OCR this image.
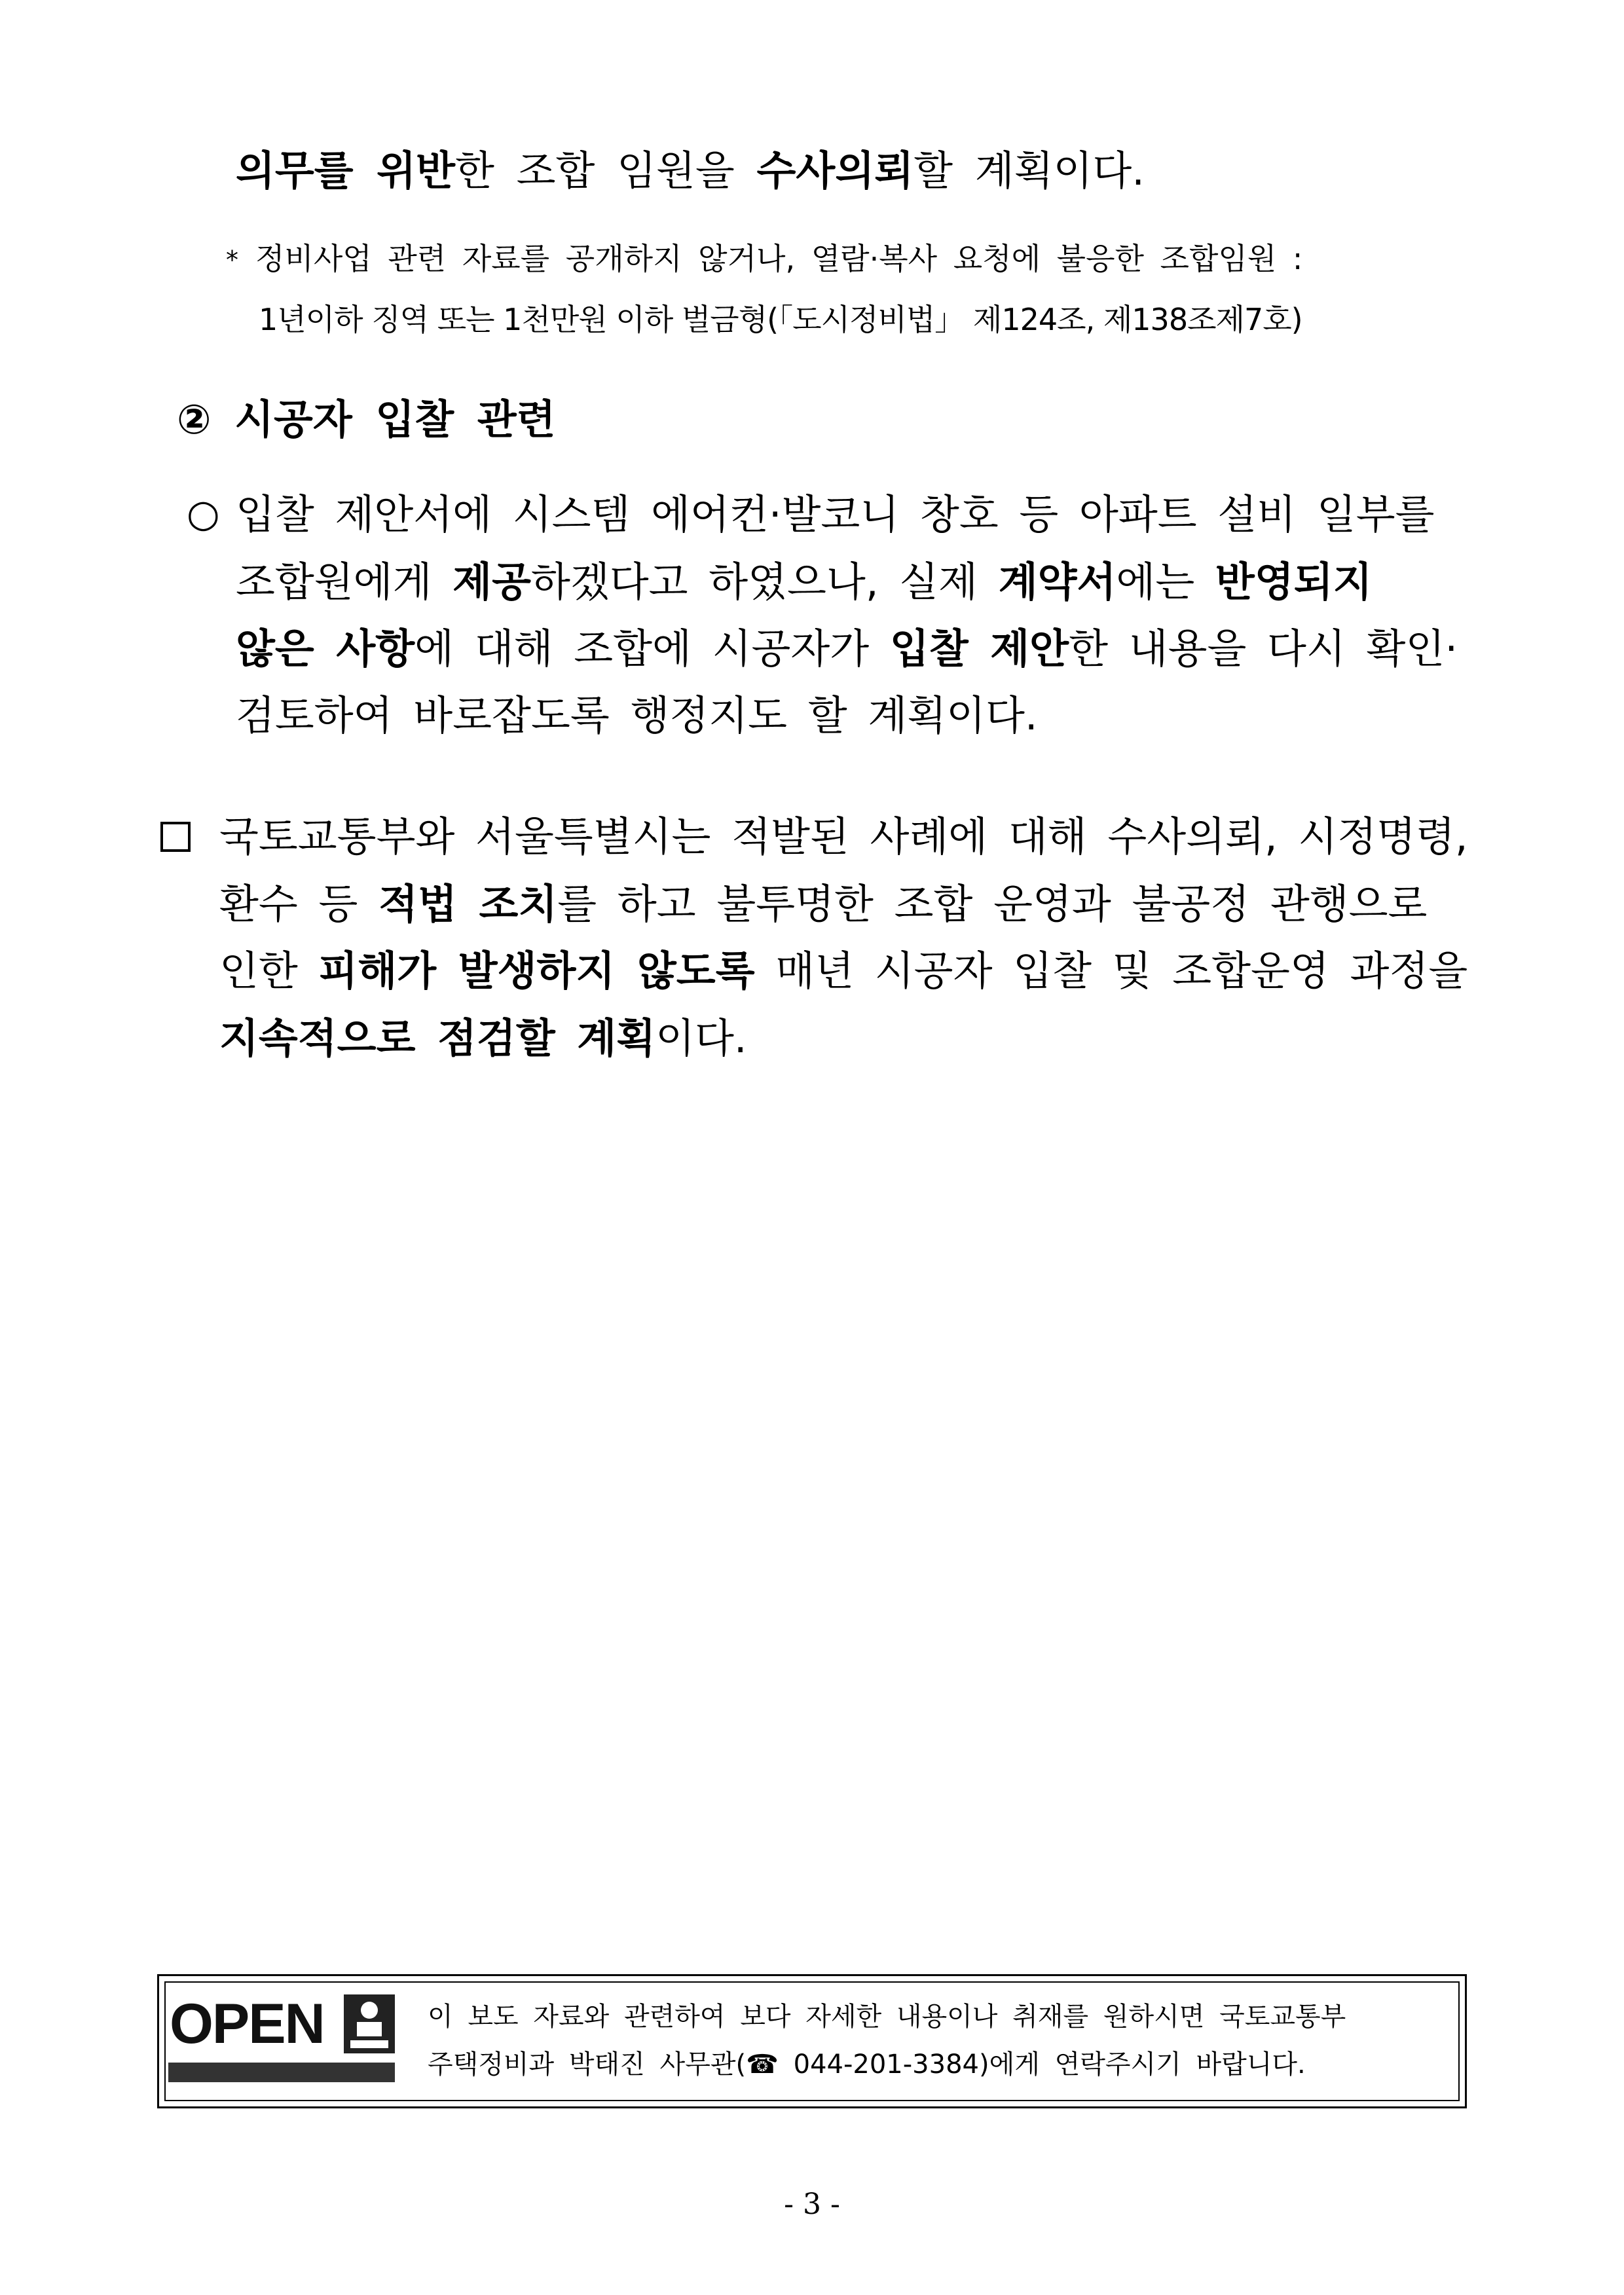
의무를 위반한 조합 임원을 수사의뢰할 계획이다.
* 정비사업 관련 자료를 공개하지 않거나, 열람·복사 요청에 불응한 조합임원 :
1년이하 징역 또는 1천만원 이하 벌금형(「도시정비법」 제124조, 제138조제7호)
② 시공자 입찰 관련
○ 입찰 제안서에 시스템 에어컨·발코니 창호 등 아파트 설비 일부를
조합원에게 제공하겠다고 하였으나, 실제 계약서에는 반영되지
않은 사항에 대해 조합에 시공자가 입찰 제안한 내용을 다시 확인·
검토하여 바로잡도록 행정지도 할 계획이다.
국토교통부와 서울특별시는 적발된 사례에 대해 수사의뢰, 시정명령,
환수 등 적법 조치를 하고 불투명한 조합 운영과 불공정 관행으로
인한 피해가 발생하지 않도록 매년 시공자 입찰 및 조합운영 과정을
지속적으로 점검할 계획이다.
OPEN	이 보도 자료와 관련하여 보다 자세한 내용이나 취재를 원하시면 국토교통부
주택정비과 박태진 사무관(☎ 044-201-3384)에게 연락주시기 바랍니다.
- 3 -
